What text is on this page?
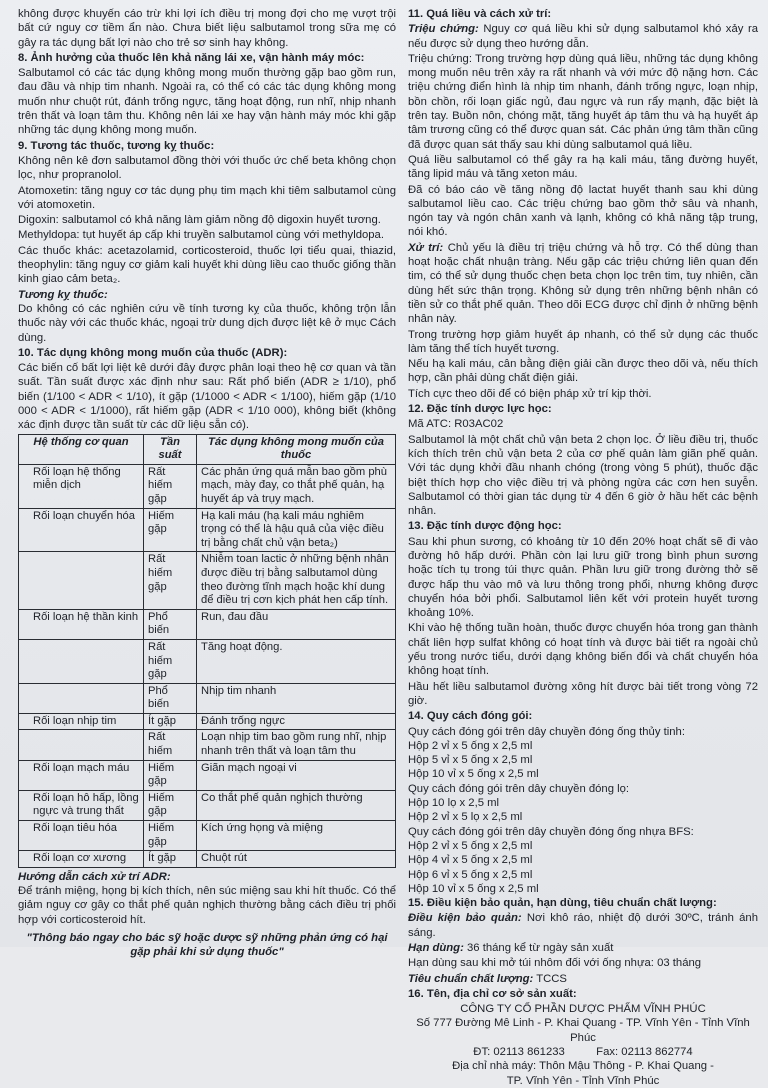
không được khuyến cáo trừ khi lợi ích điều trị mong đợi cho mẹ vượt trội bất cứ nguy cơ tiềm ẩn nào. Chưa biết liệu salbutamol trong sữa mẹ có gây ra tác dụng bất lợi nào cho trẻ sơ sinh hay không.

8. Ảnh hưởng của thuốc lên khả năng lái xe, vận hành máy móc:

Salbutamol có các tác dụng không mong muốn thường gặp bao gồm run, đau đầu và nhịp tim nhanh. Ngoài ra, có thể có các tác dụng không mong muốn như chuột rút, đánh trống ngực, tăng hoạt động, run nhĩ, nhịp nhanh trên thất và loạn tâm thu. Không nên lái xe hay vận hành máy móc khi gặp những tác dụng không mong muốn.

9. Tương tác thuốc, tương kỵ thuốc:

Không nên kê đơn salbutamol đồng thời với thuốc ức chế beta không chọn lọc, như propranolol.

Atomoxetin: tăng nguy cơ tác dụng phụ tim mạch khi tiêm salbutamol cùng với atomoxetin.

Digoxin: salbutamol có khả năng làm giảm nồng độ digoxin huyết tương.

Methyldopa: tụt huyết áp cấp khi truyền salbutamol cùng với methyldopa.

Các thuốc khác: acetazolamid, corticosteroid, thuốc lợi tiểu quai, thiazid, theophylin: tăng nguy cơ giảm kali huyết khi dùng liều cao thuốc giống thần kinh giao cảm beta₂.

Tương kỵ thuốc:

Do không có các nghiên cứu về tính tương kỵ của thuốc, không trộn lẫn thuốc này với các thuốc khác, ngoại trừ dung dịch được liệt kê ở mục Cách dùng.

10. Tác dụng không mong muốn của thuốc (ADR):

Các biến cố bất lợi liệt kê dưới đây được phân loại theo hệ cơ quan và tần suất. Tần suất được xác định như sau: Rất phổ biến (ADR ≥ 1/10), phổ biến (1/100 < ADR < 1/10), ít gặp (1/1000 < ADR < 1/100), hiếm gặp (1/10 000 < ADR < 1/1000), rất hiếm gặp (ADR < 1/10 000), không biết (không xác định được tần suất từ các dữ liệu sẵn có).

Hệ thống cơ quan	Tần suất	Tác dụng không mong muốn của thuốc
Rối loạn hệ thống miễn dịch	Rất hiếm gặp	Các phản ứng quá mẫn bao gồm phù mạch, mày đay, co thắt phế quản, hạ huyết áp và trụy mạch.
Rối loạn chuyển hóa	Hiếm gặp	Hạ kali máu (hạ kali máu nghiêm trọng có thể là hậu quả của việc điều trị bằng chất chủ vận beta₂)
	Rất hiếm gặp	Nhiễm toan lactic ở những bệnh nhân được điều trị bằng salbutamol dùng theo đường tĩnh mạch hoặc khí dung để điều trị cơn kịch phát hen cấp tính.
Rối loạn hệ thần kinh	Phổ biến	Run, đau đầu
	Rất hiếm gặp	Tăng hoạt động.
	Phổ biến	Nhịp tim nhanh
Rối loạn nhịp tim	Ít gặp	Đánh trống ngực
	Rất hiếm	Loạn nhịp tim bao gồm rung nhĩ, nhịp nhanh trên thất và loạn tâm thu
Rối loạn mạch máu	Hiếm gặp	Giãn mạch ngoại vi
Rối loạn hô hấp, lồng ngực và trung thất	Hiếm gặp	Co thắt phế quản nghịch thường
Rối loạn tiêu hóa	Hiếm gặp	Kích ứng họng và miệng
Rối loạn cơ xương	Ít gặp	Chuột rút
Hướng dẫn cách xử trí ADR:

Để tránh miệng, họng bị kích thích, nên súc miệng sau khi hít thuốc. Có thể giảm nguy cơ gây co thắt phế quản nghịch thường bằng cách điều trị phối hợp với corticosteroid hít.

"Thông báo ngay cho bác sỹ hoặc dược sỹ những phản ứng có hại gặp phải khi sử dụng thuốc"
11. Quá liều và cách xử trí:

Triệu chứng: Nguy cơ quá liều khi sử dụng salbutamol khó xảy ra nếu được sử dụng theo hướng dẫn.

Triệu chứng: Trong trường hợp dùng quá liều, những tác dụng không mong muốn nêu trên xảy ra rất nhanh và với mức độ nặng hơn. Các triệu chứng điển hình là nhịp tim nhanh, đánh trống ngực, loạn nhịp, bồn chồn, rối loạn giấc ngủ, đau ngực và run rẩy mạnh, đặc biệt là trên tay. Buồn nôn, chóng mặt, tăng huyết áp tâm thu và hạ huyết áp tâm trương cũng có thể được quan sát. Các phản ứng tâm thần cũng đã được quan sát thấy sau khi dùng salbutamol quá liều.

Quá liều salbutamol có thể gây ra hạ kali máu, tăng đường huyết, tăng lipid máu và tăng xeton máu.

Đã có báo cáo về tăng nồng độ lactat huyết thanh sau khi dùng salbutamol liều cao. Các triệu chứng bao gồm thở sâu và nhanh, ngón tay và ngón chân xanh và lạnh, không có khả năng tập trung, nói khó.

Xử trí: Chủ yếu là điều trị triệu chứng và hỗ trợ. Có thể dùng than hoạt hoặc chất nhuận tràng. Nếu gặp các triệu chứng liên quan đến tim, có thể sử dụng thuốc chẹn beta chọn lọc trên tim, tuy nhiên, cần dùng hết sức thận trọng. Không sử dụng trên những bệnh nhân có tiền sử co thắt phế quản. Theo dõi ECG được chỉ định ở những bệnh nhân này.

Trong trường hợp giảm huyết áp nhanh, có thể sử dụng các thuốc làm tăng thể tích huyết tương.

Nếu hạ kali máu, cân bằng điện giải cần được theo dõi và, nếu thích hợp, cần phải dùng chất điện giải.

Tích cực theo dõi để có biện pháp xử trí kịp thời.

12. Đặc tính dược lực học:

Mã ATC: R03AC02

Salbutamol là một chất chủ vận beta 2 chọn lọc. Ở liều điều trị, thuốc kích thích trên chủ vận beta 2 của cơ phế quản làm giãn phế quản. Với tác dụng khởi đầu nhanh chóng (trong vòng 5 phút), thuốc đặc biệt thích hợp cho việc điều trị và phòng ngừa các cơn hen suyễn. Salbutamol có thời gian tác dụng từ 4 đến 6 giờ ở hầu hết các bệnh nhân.

13. Đặc tính dược động học:

Sau khi phun sương, có khoảng từ 10 đến 20% hoạt chất sẽ đi vào đường hô hấp dưới. Phần còn lại lưu giữ trong bình phun sương hoặc tích tụ trong túi thực quản. Phần lưu giữ trong đường thở sẽ được hấp thu vào mô và lưu thông trong phổi, nhưng không được chuyển hóa bởi phổi. Salbutamol liên kết với protein huyết tương khoảng 10%.

Khi vào hệ thống tuần hoàn, thuốc được chuyển hóa trong gan thành chất liên hợp sulfat không có hoạt tính và được bài tiết ra ngoài chủ yếu trong nước tiểu, dưới dạng không biến đổi và chất chuyển hóa không hoạt tính.

Hầu hết liều salbutamol đường xông hít được bài tiết trong vòng 72 giờ.

14. Quy cách đóng gói:

Quy cách đóng gói trên dây chuyền đóng ống thủy tinh:

Hộp 2 vỉ x 5 ống x 2,5 ml

Hộp 5 vỉ x 5 ống x 2,5 ml

Hộp 10 vỉ x 5 ống x 2,5 ml

Quy cách đóng gói trên dây chuyền đóng lọ:

Hộp 10 lọ x 2,5 ml

Hộp 2 vỉ x 5 lọ x 2,5 ml

Quy cách đóng gói trên dây chuyền đóng ống nhựa BFS:

Hộp 2 vỉ x 5 ống x 2,5 ml

Hộp 4 vỉ x 5 ống x 2,5 ml

Hộp 6 vỉ x 5 ống x 2,5 ml

Hộp 10 vỉ x 5 ống x 2,5 ml

15. Điều kiện bảo quản, hạn dùng, tiêu chuẩn chất lượng:

Điều kiện bảo quản: Nơi khô ráo, nhiệt độ dưới 30ºC, tránh ánh sáng.

Hạn dùng: 36 tháng kể từ ngày sản xuất

Hạn dùng sau khi mở túi nhôm đối với ống nhựa: 03 tháng

Tiêu chuẩn chất lượng: TCCS

16. Tên, địa chỉ cơ sở sản xuất:

CÔNG TY CỔ PHẦN DƯỢC PHẨM VĨNH PHÚC

Số 777 Đường Mê Linh - P. Khai Quang - TP. Vĩnh Yên - Tỉnh Vĩnh Phúc

ĐT: 02113 861233          Fax: 02113 862774

Địa chỉ nhà máy: Thôn Mậu Thông - P. Khai Quang -

TP. Vĩnh Yên - Tỉnh Vĩnh Phúc
